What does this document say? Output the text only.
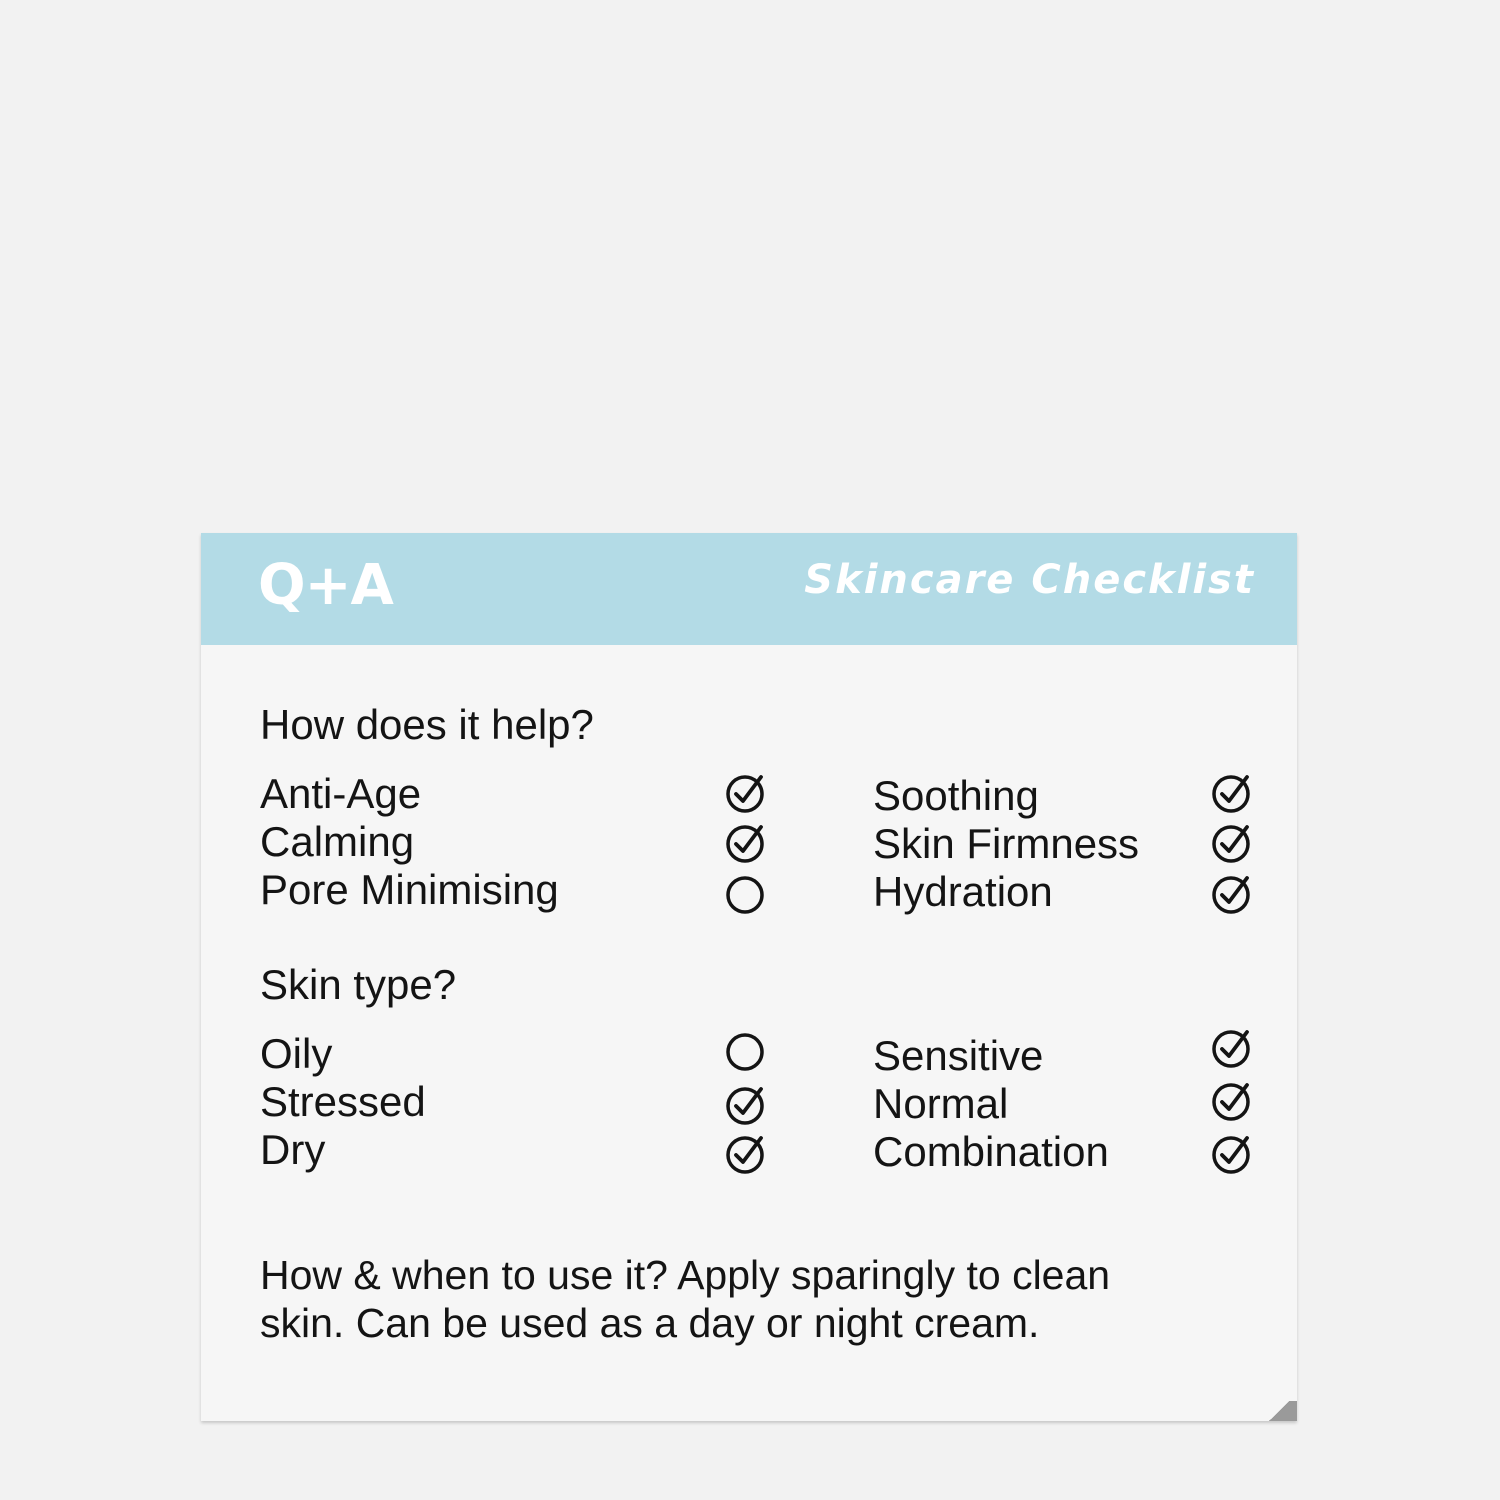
Q+A	Skincare Checklist
How does it help?
Anti-Age
Calming
Pore Minimising
Soothing
Skin Firmness
Hydration
Skin type?
Oily
Stressed
Dry
Sensitive
Normal
Combination
How & when to use it? Apply sparingly to clean
skin. Can be used as a day or night cream.
